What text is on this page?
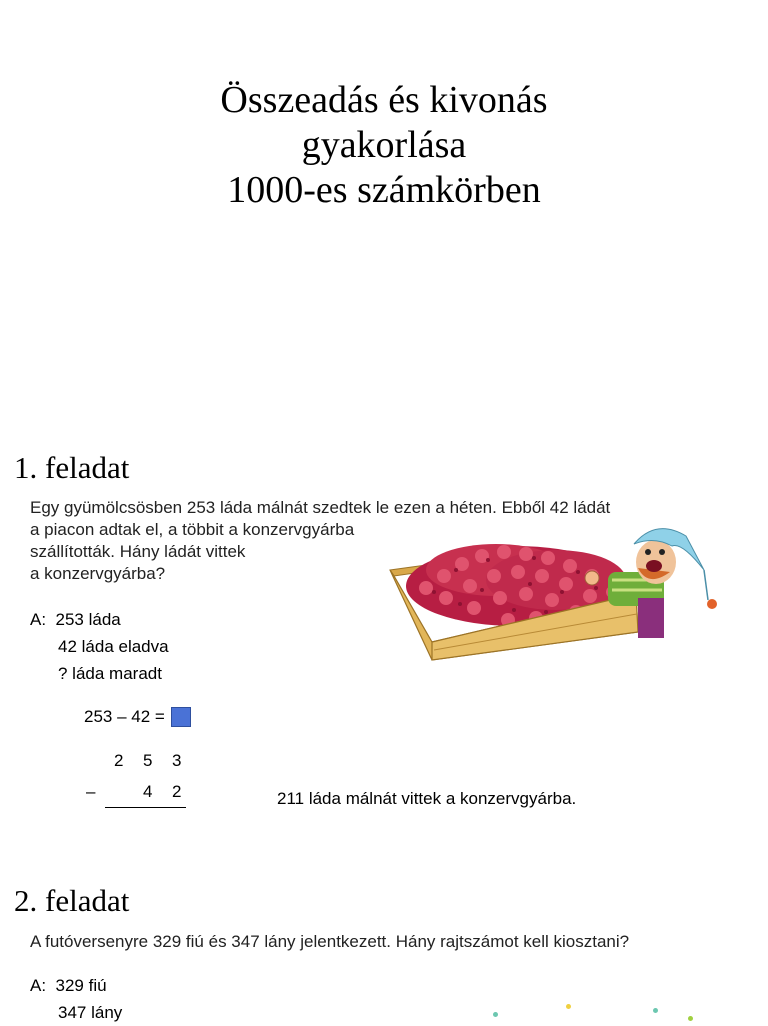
Összeadás és kivonás
gyakorlása
1000-es számkörben
1. feladat
Egy gyümölcsösben 253 láda málnát szedtek le ezen a héten. Ebből 42 ládát
a piacon adtak el, a többit a konzervgyárba
szállították. Hány ládát vittek
a konzervgyárba?
A: 253 láda
42 láda eladva
? láda maradt
253 – 42 =
2 5 3
–	4 2	211 láda málnát vittek a konzervgyárba.
2. feladat
A futóversenyre 329 fiú és 347 lány jelentkezett. Hány rajtszámot kell kiosztani?
A: 329 fiú
347 lány
